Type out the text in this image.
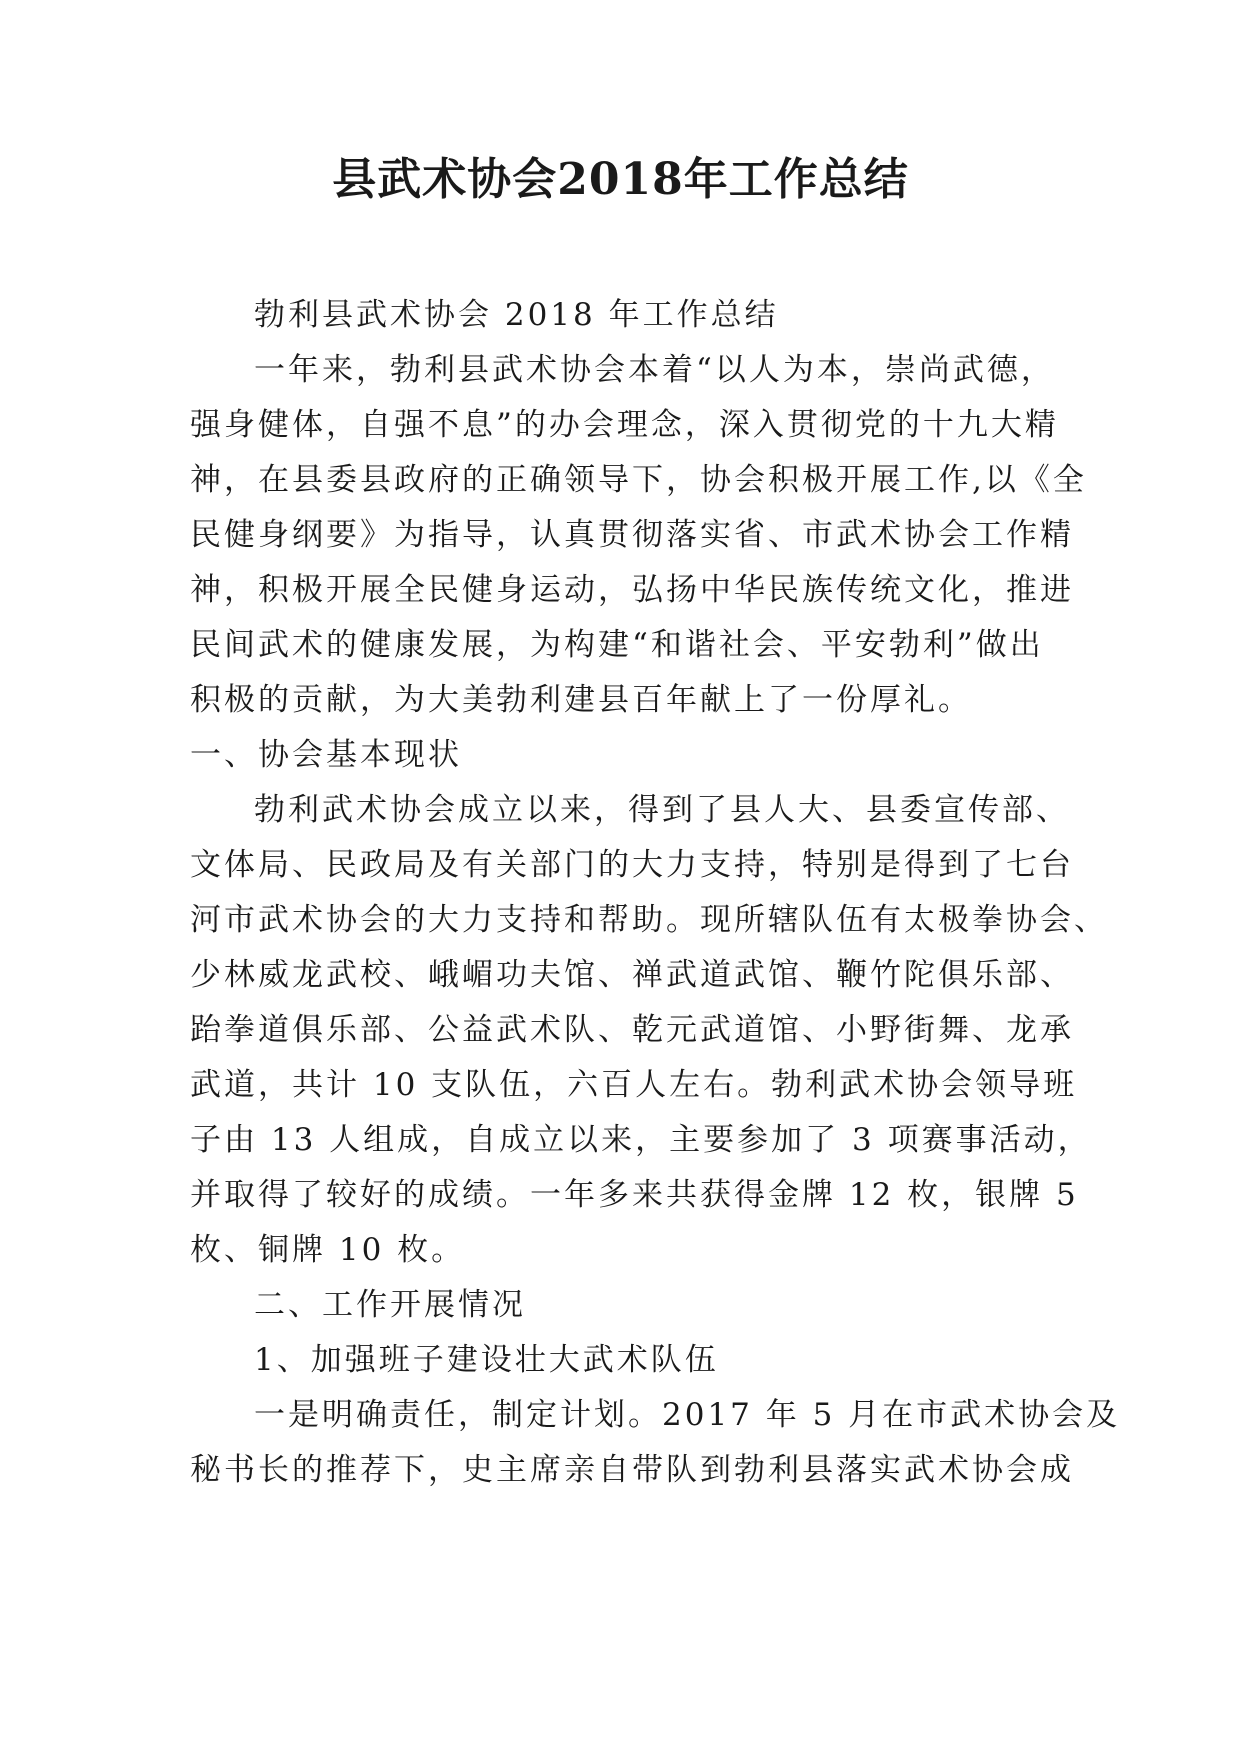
县武术协会2018年工作总结
勃利县武术协会 2018 年工作总结
一年来，勃利县武术协会本着“以人为本，崇尚武德，
强身健体，自强不息”的办会理念，深入贯彻党的十九大精
神，在县委县政府的正确领导下，协会积极开展工作,以《全
民健身纲要》为指导，认真贯彻落实省、市武术协会工作精
神，积极开展全民健身运动，弘扬中华民族传统文化，推进
民间武术的健康发展，为构建“和谐社会、平安勃利”做出
积极的贡献，为大美勃利建县百年献上了一份厚礼。
一、协会基本现状
勃利武术协会成立以来，得到了县人大、县委宣传部、
文体局、民政局及有关部门的大力支持，特别是得到了七台
河市武术协会的大力支持和帮助。现所辖队伍有太极拳协会、
少林威龙武校、峨嵋功夫馆、禅武道武馆、鞭竹陀俱乐部、
跆拳道俱乐部、公益武术队、乾元武道馆、小野街舞、龙承
武道，共计 10 支队伍，六百人左右。勃利武术协会领导班
子由 13 人组成，自成立以来，主要参加了 3 项赛事活动，
并取得了较好的成绩。一年多来共获得金牌 12 枚，银牌 5
枚、铜牌 10 枚。
二、工作开展情况
1、加强班子建设壮大武术队伍
一是明确责任，制定计划。2017 年 5 月在市武术协会及
秘书长的推荐下，史主席亲自带队到勃利县落实武术协会成
